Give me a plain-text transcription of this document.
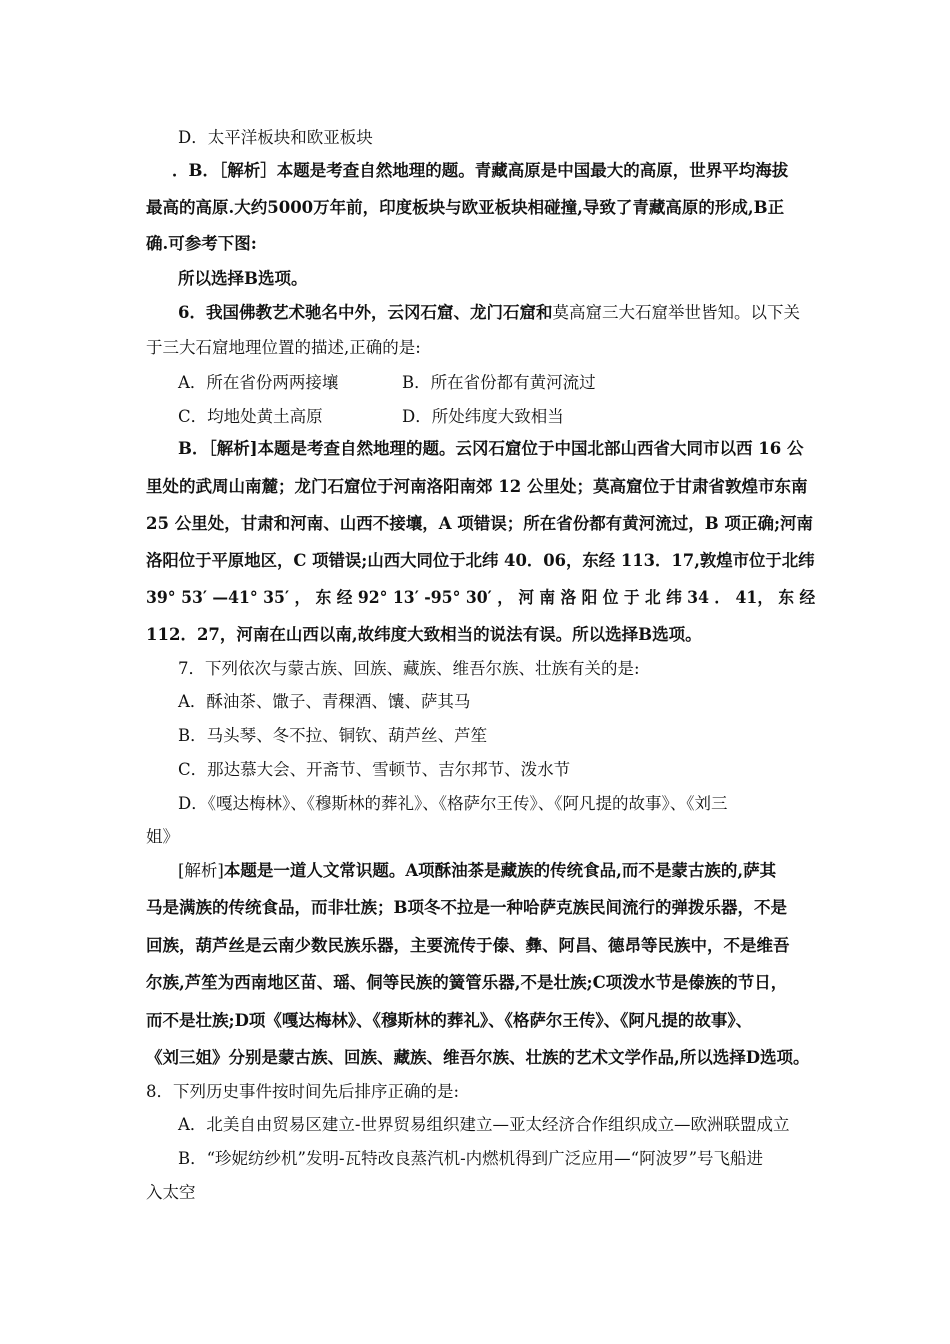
D．太平洋板块和欧亚板块
．B．［解析］本题是考查自然地理的题。青藏高原是中国最大的高原，世界平均海拔
最高的高原.大约5000万年前，印度板块与欧亚板块相碰撞,导致了青藏高原的形成,B正
确.可参考下图:
所以选择B选项。
6．我国佛教艺术驰名中外，云冈石窟、龙门石窟和莫高窟三大石窟举世皆知。以下关
于三大石窟地理位置的描述,正确的是:
A．所在省份两两接壤	B．所在省份都有黄河流过
C．均地处黄土高原	D．所处纬度大致相当
B．［解析]本题是考查自然地理的题。云冈石窟位于中国北部山西省大同市以西 16 公
里处的武周山南麓；龙门石窟位于河南洛阳南郊 12 公里处；莫高窟位于甘肃省敦煌市东南
25 公里处，甘肃和河南、山西不接壤，A 项错误；所在省份都有黄河流过，B 项正确;河南
洛阳位于平原地区，C 项错误;山西大同位于北纬 40．06，东经 113．17,敦煌市位于北纬
39° 53′ —41° 35′ ， 东 经 92° 13′ -95° 30′ ， 河 南 洛 阳 位 于 北 纬 34 ． 41， 东 经
112．27，河南在山西以南,故纬度大致相当的说法有误。所以选择B选项。
7．下列依次与蒙古族、回族、藏族、维吾尔族、壮族有关的是:
A．酥油茶、馓子、青稞酒、馕、萨其马
B．马头琴、冬不拉、铜钦、葫芦丝、芦笙
C．那达慕大会、开斋节、雪顿节、吉尔邦节、泼水节
D．《嘎达梅林》、《穆斯林的葬礼》、《格萨尔王传》、《阿凡提的故事》、《刘三
姐》
[解析]本题是一道人文常识题。A项酥油茶是藏族的传统食品,而不是蒙古族的,萨其
马是满族的传统食品，而非壮族；B项冬不拉是一种哈萨克族民间流行的弹拨乐器，不是
回族，葫芦丝是云南少数民族乐器，主要流传于傣、彝、阿昌、德昂等民族中，不是维吾
尔族,芦笙为西南地区苗、瑶、侗等民族的簧管乐器,不是壮族;C项泼水节是傣族的节日，
而不是壮族;D项《嘎达梅林》、《穆斯林的葬礼》、《格萨尔王传》、《阿凡提的故事》、
《刘三姐》分别是蒙古族、回族、藏族、维吾尔族、壮族的艺术文学作品,所以选择D选项。
8．下列历史事件按时间先后排序正确的是:
A．北美自由贸易区建立-世界贸易组织建立—亚太经济合作组织成立—欧洲联盟成立
B．“珍妮纺纱机”发明-瓦特改良蒸汽机-内燃机得到广泛应用—“阿波罗”号飞船进
入太空
